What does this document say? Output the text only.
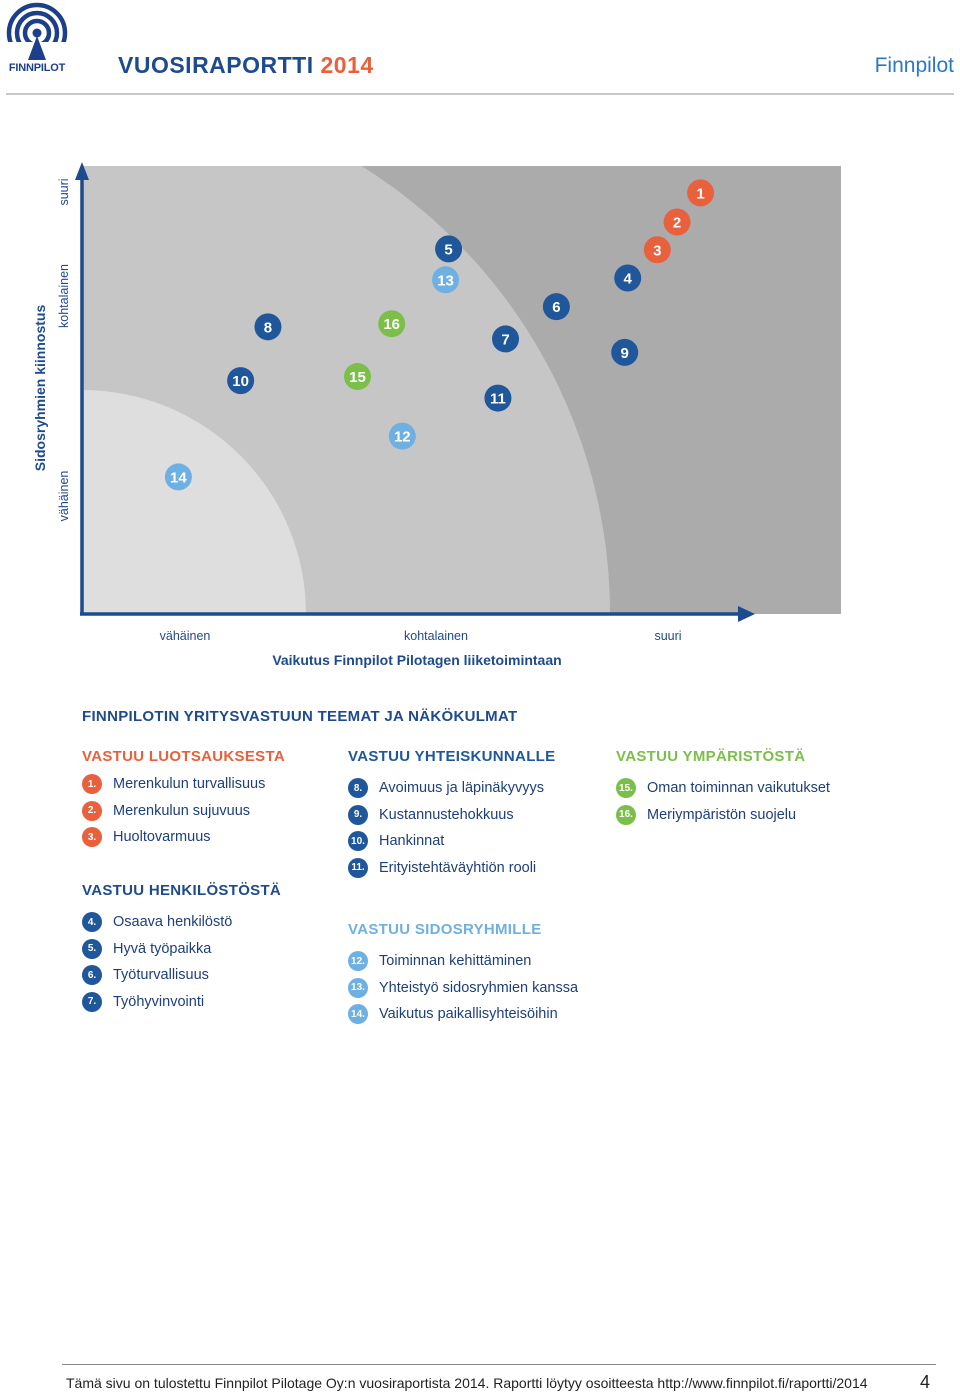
FINNPILOT VUOSIRAPORTTI 2014	Finnpilot
vähäinen	kohtalainen	suuri
Vaikutus Finnpilot Pilotagen liiketoimintaan
vähäinen
kohtalainen
suuri
Sidosryhmien kiinnostus
1
2
3
4
5
6
7
8
9
10
11
12
13
14
15
16
FINNPILOTIN YRITYSVASTUUN TEEMAT JA NÄKÖKULMAT
VASTUU LUOTSAUKSESTA
1.	Merenkulun turvallisuus
2.	Merenkulun sujuvuus
3.	Huoltovarmuus
VASTUU HENKILÖSTÖSTÄ
4.	Osaava henkilöstö
5.	Hyvä työpaikka
6.	Työturvallisuus
7.	Työhyvinvointi
VASTUU YHTEISKUNNALLE
8.	Avoimuus ja läpinäkyvyys
9.	Kustannustehokkuus
10. Hankinnat
11. Erityistehtäväyhtiön rooli
VASTUU SIDOSRYHMILLE
12. Toiminnan kehittäminen
13. Yhteistyö sidosryhmien kanssa
14. Vaikutus paikallisyhteisöihin
VASTUU YMPÄRISTÖSTÄ
15. Oman toiminnan vaikutukset
16. Meriympäristön suojelu
Tämä sivu on tulostettu Finnpilot Pilotage Oy:n vuosiraportista 2014. Raportti löytyy osoitteesta http://www.finnpilot.fi/raportti/2014	4
